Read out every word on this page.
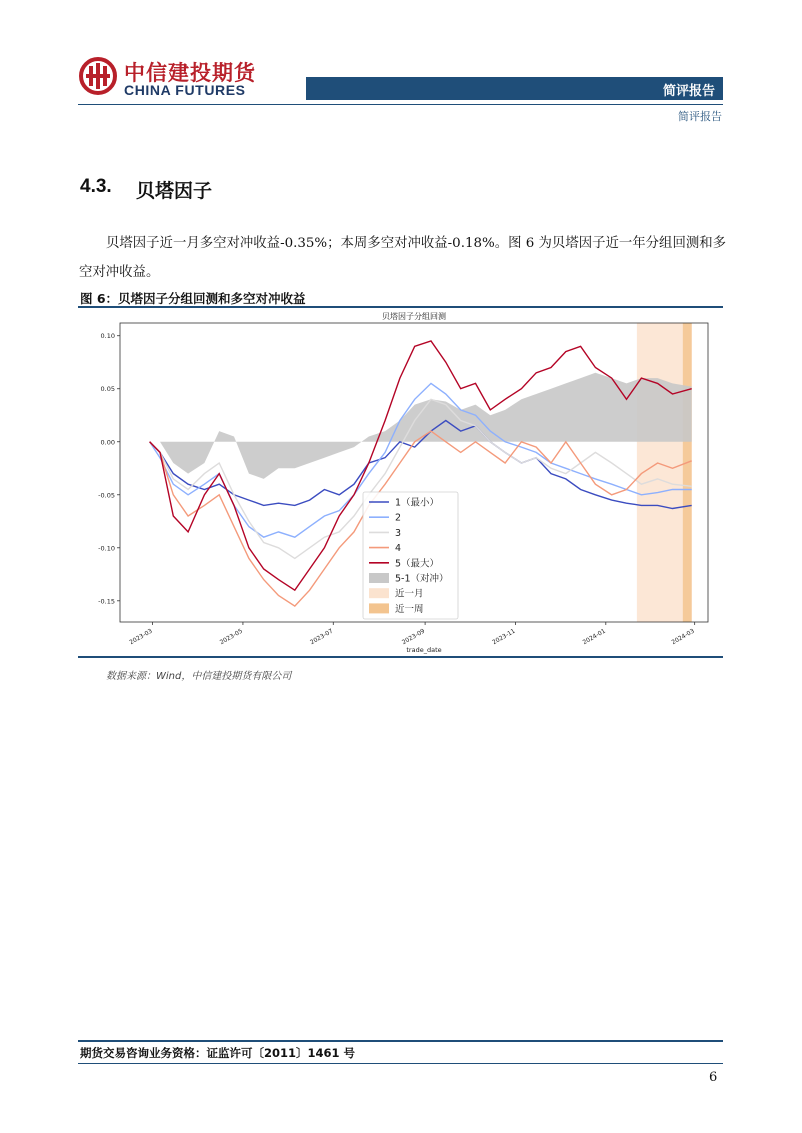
中信建投期货
CHINA FUTURES	简评报告
简评报告
4.3. 贝塔因子
贝塔因子近一月多空对冲收益-0.35%；本周多空对冲收益-0.18%。图 6 为贝塔因子近一年分组回测和多空对冲收益。
图 6：贝塔因子分组回测和多空对冲收益
贝塔因子分组回测
-0.15
-0.10
-0.05
0.00
0.05
0.10
2023-03	2023-05	2023-07	2023-09	2023-11	2024-01	2024-03
trade_date
1（最小）
2
3
4
5（最大）
5-1（对冲）
近一月
近一周
数据来源：Wind，中信建投期货有限公司
期货交易咨询业务资格：证监许可〔2011〕1461 号
6
